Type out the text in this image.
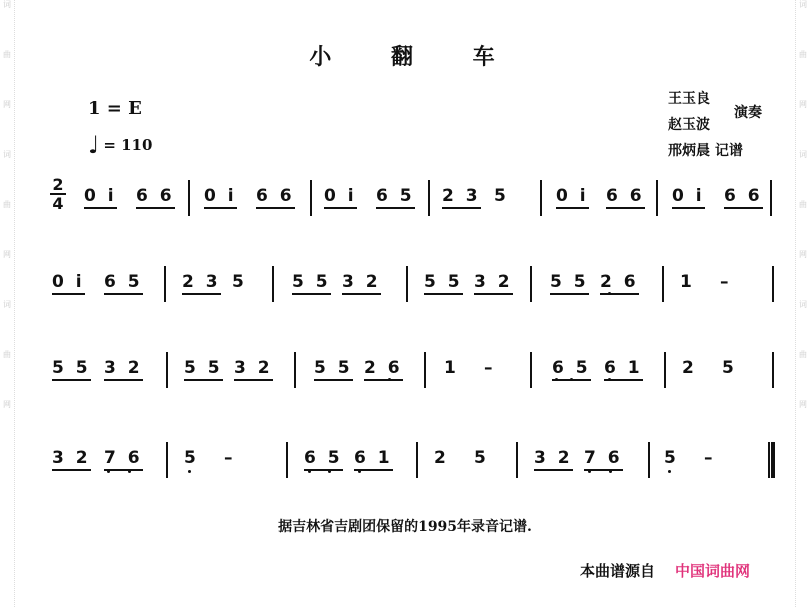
词
曲
网
词
曲
网
词
曲
网
词
曲
网
词
曲
网
词
曲
网
小 翻 车
1 = E
♩ = 110
王玉良
赵玉波
演奏
邢炳晨 记谱
2
4 0 i 6 6 0 i 6 6 0 i 6 5 2 3 5	0 i 6 6 0 i 6 6
0 i 6 5 2 3 5	5 5 3 2	5 5 3 2 5 5 2 6 1 –
5 5 3 2 5 5 3 2 5 5 2 6 1 –	6 5 6 1 2 5
3 2 7 6 5 –	6 5 6 1 2 5	3 2 7 6 5 –
据吉林省吉剧团保留的1995年录音记谱.
本曲谱源自 中国词曲网
